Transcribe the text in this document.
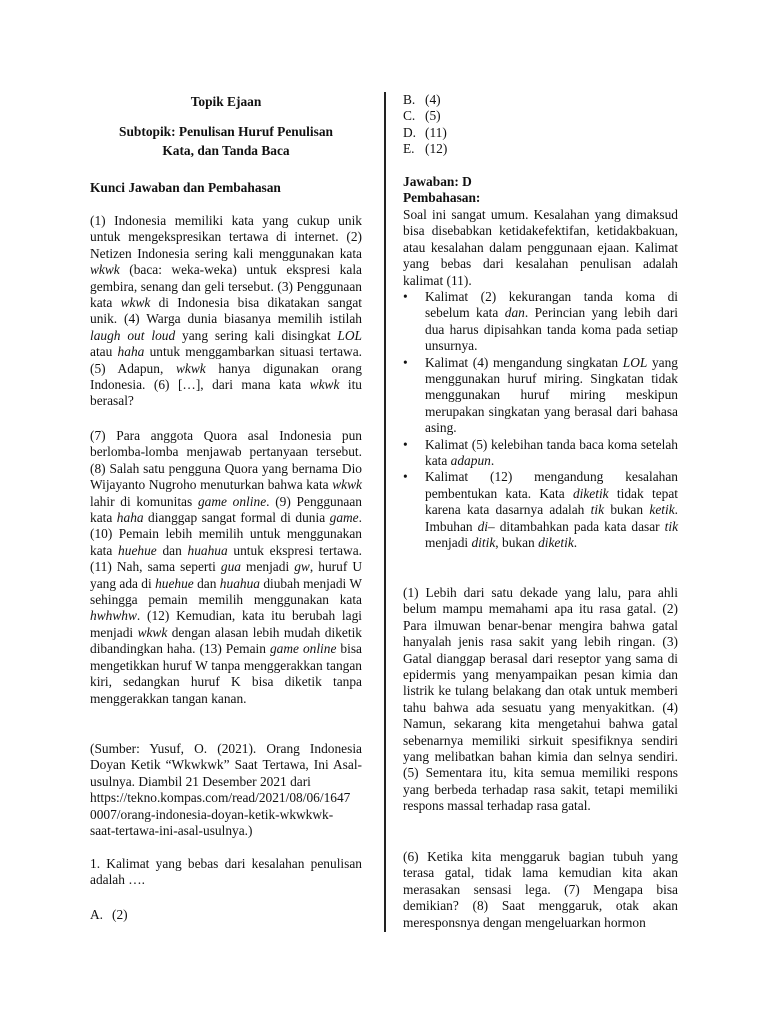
Topik Ejaan

Subtopik: Penulisan Huruf Penulisan

Kata, dan Tanda Baca

Kunci Jawaban dan Pembahasan

(1) Indonesia memiliki kata yang cukup unik untuk mengekspresikan tertawa di internet. (2) Netizen Indonesia sering kali menggunakan kata wkwk (baca: weka-weka) untuk ekspresi kala gembira, senang dan geli tersebut. (3) Penggunaan kata wkwk di Indonesia bisa dikatakan sangat unik. (4) Warga dunia biasanya memilih istilah laugh out loud yang sering kali disingkat LOL atau haha untuk menggambarkan situasi tertawa. (5) Adapun, wkwk hanya digunakan orang Indonesia. (6) […], dari mana kata wkwk itu berasal?

(7) Para anggota Quora asal Indonesia pun berlomba-lomba menjawab pertanyaan tersebut. (8) Salah satu pengguna Quora yang bernama Dio Wijayanto Nugroho menuturkan bahwa kata wkwk lahir di komunitas game online. (9) Penggunaan kata haha dianggap sangat formal di dunia game. (10) Pemain lebih memilih untuk menggunakan kata huehue dan huahua untuk ekspresi tertawa. (11) Nah, sama seperti gua menjadi gw, huruf U yang ada di huehue dan huahua diubah menjadi W sehingga pemain memilih menggunakan kata hwhwhw. (12) Kemudian, kata itu berubah lagi menjadi wkwk dengan alasan lebih mudah diketik dibandingkan haha. (13) Pemain game online bisa mengetikkan huruf W tanpa menggerakkan tangan kiri, sedangkan huruf K bisa diketik tanpa menggerakkan tangan kanan.

(Sumber: Yusuf, O. (2021). Orang Indonesia Doyan Ketik “Wkwkwk” Saat Tertawa, Ini Asal-usulnya. Diambil 21 Desember 2021 dari

https://tekno.kompas.com/read/2021/08/06/1647

0007/orang-indonesia-doyan-ketik-wkwkwk-

saat-tertawa-ini-asal-usulnya.)

1. Kalimat yang bebas dari kesalahan penulisan adalah ….

A. (2)

B. (4)

C. (5)

D. (11)

E. (12)

Jawaban: D

Pembahasan:

Soal ini sangat umum. Kesalahan yang dimaksud bisa disebabkan ketidakefektifan, ketidakbakuan, atau kesalahan dalam penggunaan ejaan. Kalimat yang bebas dari kesalahan penulisan adalah kalimat (11).

• Kalimat (2) kekurangan tanda koma di sebelum kata dan. Perincian yang lebih dari dua harus dipisahkan tanda koma pada setiap unsurnya.
• Kalimat (4) mengandung singkatan LOL yang menggunakan huruf miring. Singkatan tidak menggunakan huruf miring meskipun merupakan singkatan yang berasal dari bahasa asing.
• Kalimat (5) kelebihan tanda baca koma setelah kata adapun.
• Kalimat (12) mengandung kesalahan pembentukan kata. Kata diketik tidak tepat karena kata dasarnya adalah tik bukan ketik. Imbuhan di– ditambahkan pada kata dasar tik menjadi ditik, bukan diketik.

(1) Lebih dari satu dekade yang lalu, para ahli belum mampu memahami apa itu rasa gatal. (2) Para ilmuwan benar-benar mengira bahwa gatal hanyalah jenis rasa sakit yang lebih ringan. (3) Gatal dianggap berasal dari reseptor yang sama di epidermis yang menyampaikan pesan kimia dan listrik ke tulang belakang dan otak untuk memberi tahu bahwa ada sesuatu yang menyakitkan. (4) Namun, sekarang kita mengetahui bahwa gatal sebenarnya memiliki sirkuit spesifiknya sendiri yang melibatkan bahan kimia dan selnya sendiri. (5) Sementara itu, kita semua memiliki respons yang berbeda terhadap rasa sakit, tetapi memiliki respons massal terhadap rasa gatal.

(6) Ketika kita menggaruk bagian tubuh yang terasa gatal, tidak lama kemudian kita akan merasakan sensasi lega. (7) Mengapa bisa demikian? (8) Saat menggaruk, otak akan meresponsnya dengan mengeluarkan hormon
